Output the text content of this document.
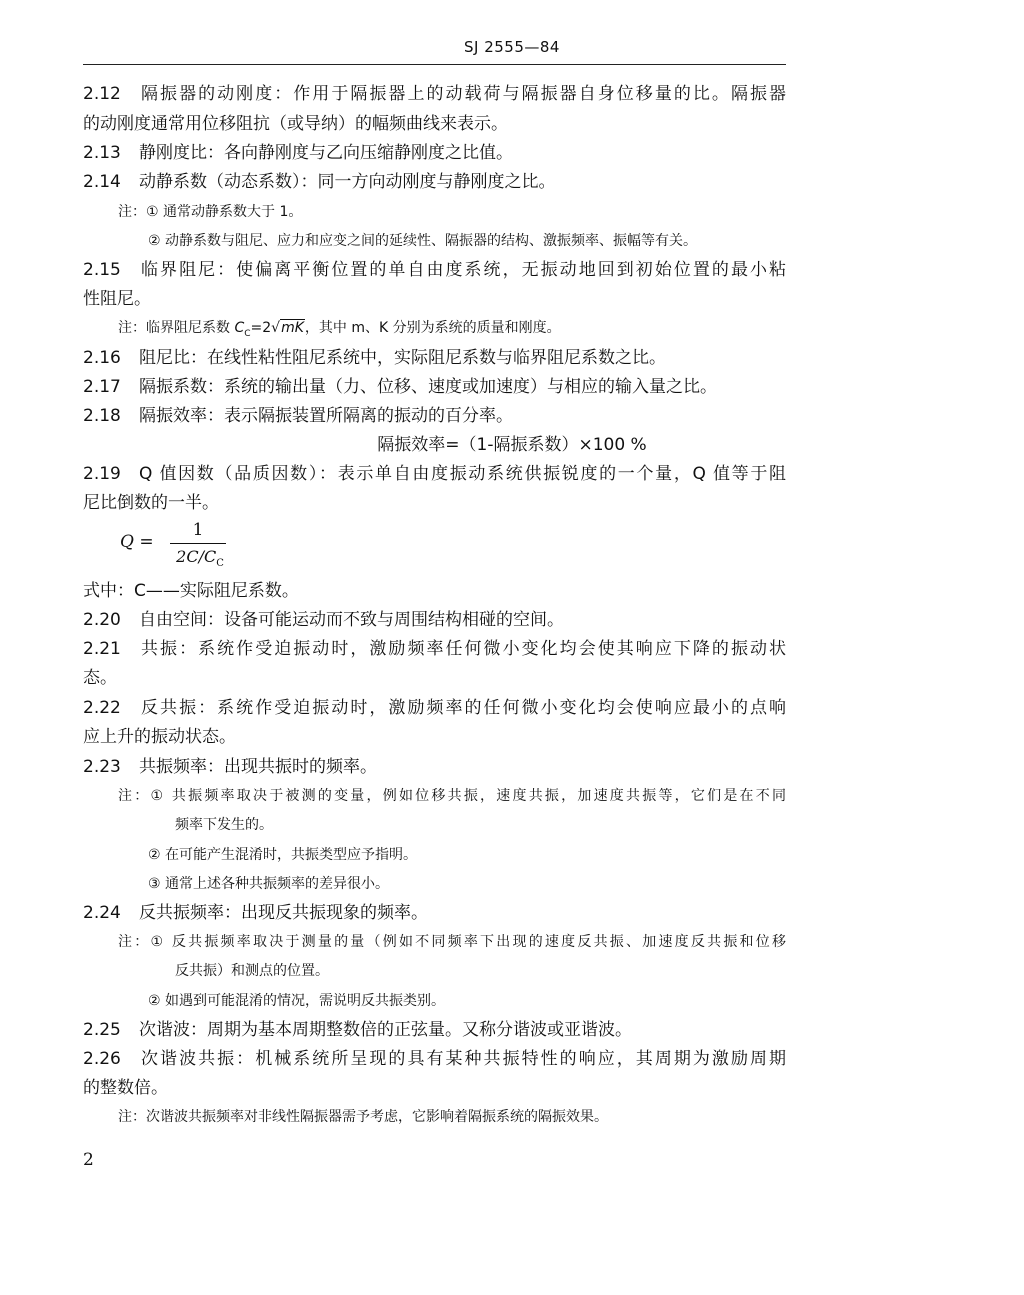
SJ 2555—84
2.12 隔振器的动刚度：作用于隔振器上的动载荷与隔振器自身位移量的比。隔振器
的动刚度通常用位移阻抗（或导纳）的幅频曲线来表示。
2.13 静刚度比：各向静刚度与乙向压缩静刚度之比值。
2.14 动静系数（动态系数）：同一方向动刚度与静刚度之比。
注：① 通常动静系数大于 1。
② 动静系数与阻尼、应力和应变之间的延续性、隔振器的结构、激振频率、振幅等有关。
2.15 临界阻尼：使偏离平衡位置的单自由度系统，无振动地回到初始位置的最小粘
性阻尼。
注：临界阻尼系数 $C_C=2√mK$，其中 m、K 分别为系统的质量和刚度。
2.16 阻尼比：在线性粘性阻尼系统中，实际阻尼系数与临界阻尼系数之比。
2.17 隔振系数：系统的输出量（力、位移、速度或加速度）与相应的输入量之比。
2.18 隔振效率：表示隔振装置所隔离的振动的百分率。
隔振效率=（1-隔振系数）×100 %
2.19 Q 值因数（品质因数）：表示单自由度振动系统供振锐度的一个量，Q 值等于阻
尼比倒数的一半。
Q =
1
$2C/C_C$
式中：C——实际阻尼系数。
2.20 自由空间：设备可能运动而不致与周围结构相碰的空间。
2.21 共振：系统作受迫振动时，激励频率任何微小变化均会使其响应下降的振动状
态。
2.22 反共振：系统作受迫振动时，激励频率的任何微小变化均会使响应最小的点响
应上升的振动状态。
2.23 共振频率：出现共振时的频率。
注：① 共振频率取决于被测的变量，例如位移共振，速度共振，加速度共振等，它们是在不同
频率下发生的。
② 在可能产生混淆时，共振类型应予指明。
③ 通常上述各种共振频率的差异很小。
2.24 反共振频率：出现反共振现象的频率。
注：① 反共振频率取决于测量的量（例如不同频率下出现的速度反共振、加速度反共振和位移
反共振）和测点的位置。
② 如遇到可能混淆的情况，需说明反共振类别。
2.25 次谐波：周期为基本周期整数倍的正弦量。又称分谐波或亚谐波。
2.26 次谐波共振：机械系统所呈现的具有某种共振特性的响应，其周期为激励周期
的整数倍。
注：次谐波共振频率对非线性隔振器需予考虑，它影响着隔振系统的隔振效果。
2
